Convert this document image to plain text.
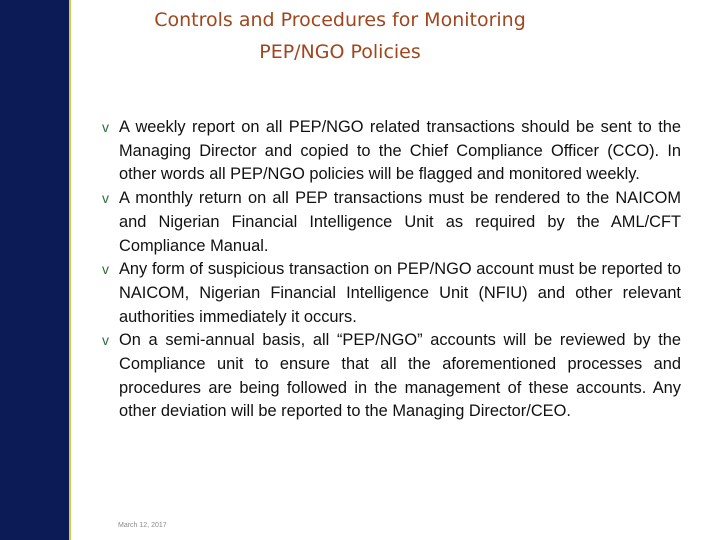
Controls and Procedures for Monitoring
PEP/NGO Policies
v A weekly report on all PEP/NGO related transactions should be sent to the Managing Director and copied to the Chief Compliance Officer (CCO). In other words all PEP/NGO policies will be flagged and monitored weekly.
v A monthly return on all PEP transactions must be rendered to the NAICOM and Nigerian Financial Intelligence Unit as required by the AML/CFT Compliance Manual.
v Any form of suspicious transaction on PEP/NGO account must be reported to NAICOM, Nigerian Financial Intelligence Unit (NFIU) and other relevant authorities immediately it occurs.
v On a semi-annual basis, all “PEP/NGO” accounts will be reviewed by the Compliance unit to ensure that all the aforementioned processes and procedures are being followed in the management of these accounts. Any other deviation will be reported to the Managing Director/CEO.
March 12, 2017
